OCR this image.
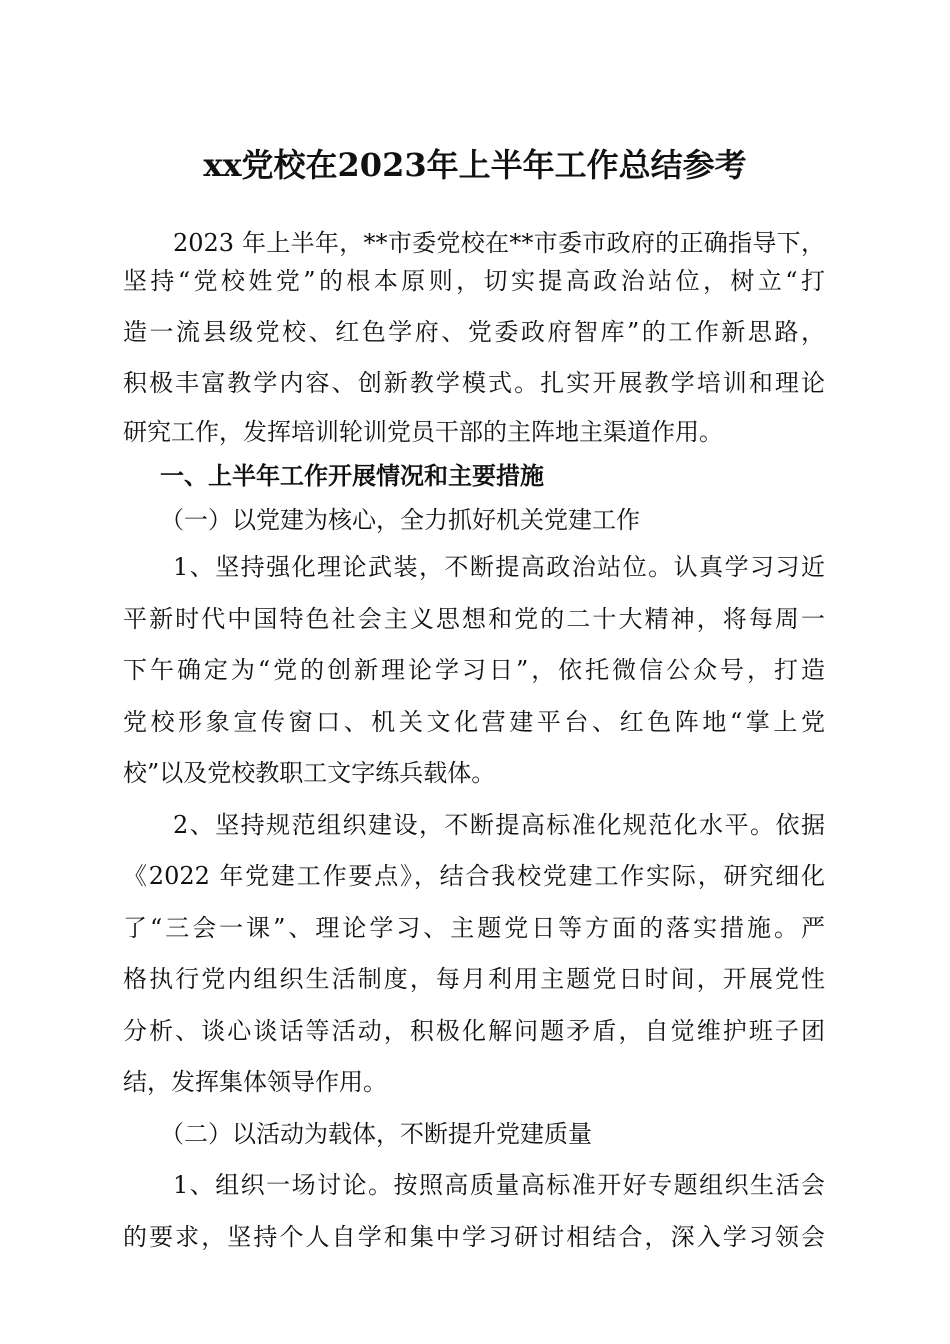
xx党校在2023年上半年工作总结参考
2023 年上半年，**市委党校在**市委市政府的正确指导下，
坚持“党校姓党”的根本原则，切实提高政治站位，树立“打
造一流县级党校、红色学府、党委政府智库”的工作新思路，
积极丰富教学内容、创新教学模式。扎实开展教学培训和理论
研究工作，发挥培训轮训党员干部的主阵地主渠道作用。
一、上半年工作开展情况和主要措施
（一）以党建为核心，全力抓好机关党建工作
1、坚持强化理论武装，不断提高政治站位。认真学习习近
平新时代中国特色社会主义思想和党的二十大精神，将每周一
下午确定为“党的创新理论学习日”，依托微信公众号，打造
党校形象宣传窗口、机关文化营建平台、红色阵地“掌上党
校”以及党校教职工文字练兵载体。
2、坚持规范组织建设，不断提高标准化规范化水平。依据
《2022 年党建工作要点》，结合我校党建工作实际，研究细化
了“三会一课”、理论学习、主题党日等方面的落实措施。严
格执行党内组织生活制度，每月利用主题党日时间，开展党性
分析、谈心谈话等活动，积极化解问题矛盾，自觉维护班子团
结，发挥集体领导作用。
（二）以活动为载体，不断提升党建质量
1、组织一场讨论。按照高质量高标准开好专题组织生活会
的要求，坚持个人自学和集中学习研讨相结合，深入学习领会
